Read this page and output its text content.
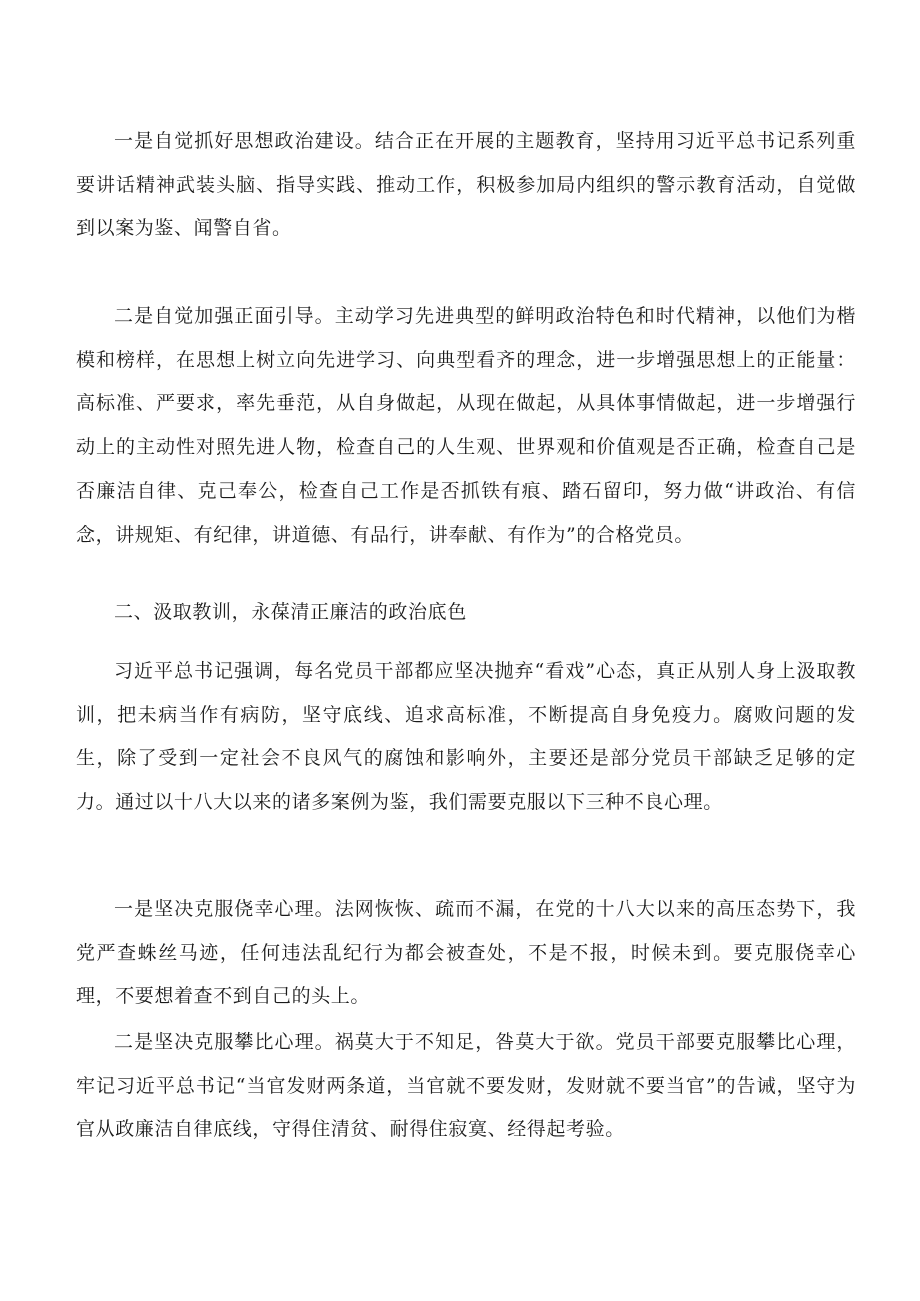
一是自觉抓好思想政治建设。结合正在开展的主题教育，坚持用习近平总书记系列重要讲话精神武装头脑、指导实践、推动工作，积极参加局内组织的警示教育活动，自觉做到以案为鉴、闻警自省。

二是自觉加强正面引导。主动学习先进典型的鲜明政治特色和时代精神，以他们为楷模和榜样，在思想上树立向先进学习、向典型看齐的理念，进一步增强思想上的正能量：高标准、严要求，率先垂范，从自身做起，从现在做起，从具体事情做起，进一步增强行动上的主动性对照先进人物，检查自己的人生观、世界观和价值观是否正确，检查自己是否廉洁自律、克己奉公，检查自己工作是否抓铁有痕、踏石留印，努力做“讲政治、有信念，讲规矩、有纪律，讲道德、有品行，讲奉献、有作为”的合格党员。

二、汲取教训，永葆清正廉洁的政治底色

习近平总书记强调，每名党员干部都应坚决抛弃“看戏”心态，真正从别人身上汲取教训，把未病当作有病防，坚守底线、追求高标准，不断提高自身免疫力。腐败问题的发生，除了受到一定社会不良风气的腐蚀和影响外，主要还是部分党员干部缺乏足够的定力。通过以十八大以来的诸多案例为鉴，我们需要克服以下三种不良心理。

一是坚决克服侥幸心理。法网恢恢、疏而不漏，在党的十八大以来的高压态势下，我党严查蛛丝马迹，任何违法乱纪行为都会被查处，不是不报，时候未到。要克服侥幸心理，不要想着查不到自己的头上。

二是坚决克服攀比心理。祸莫大于不知足，咎莫大于欲。党员干部要克服攀比心理，牢记习近平总书记“当官发财两条道，当官就不要发财，发财就不要当官”的告诫，坚守为官从政廉洁自律底线，守得住清贫、耐得住寂寞、经得起考验。
